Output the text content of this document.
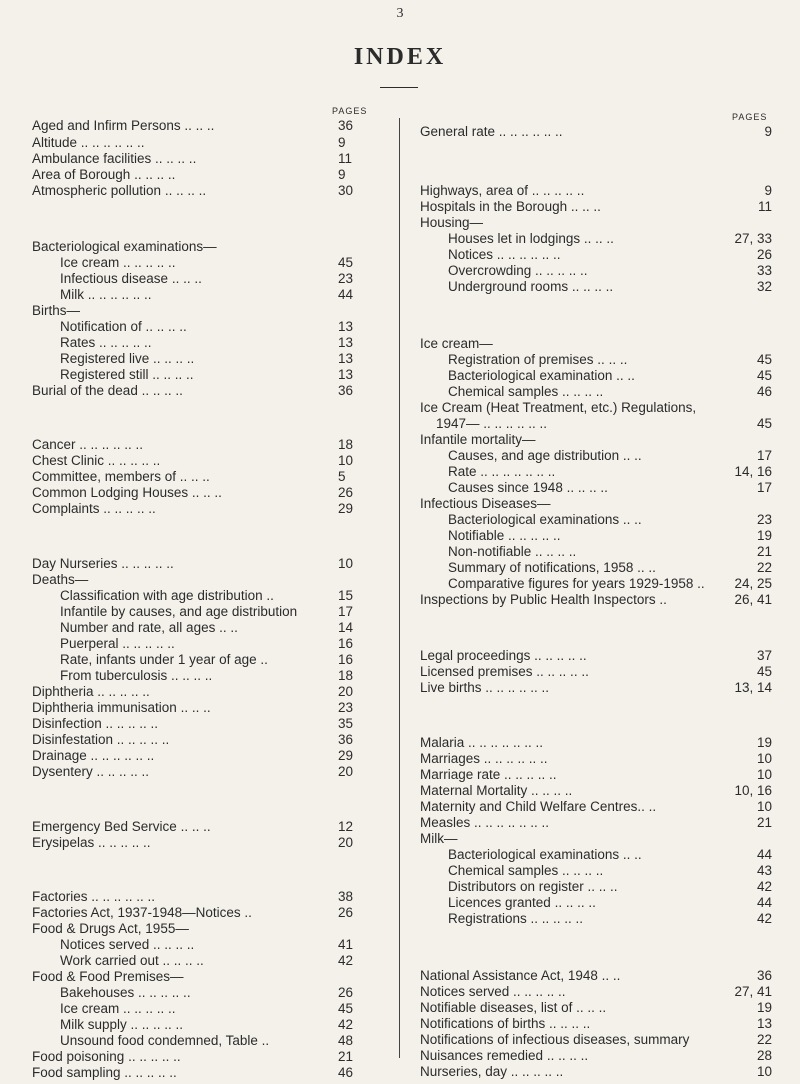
3
INDEX
PAGES
Aged and Infirm Persons .. .. ..	36
Altitude .. .. .. .. .. ..	9
Ambulance facilities .. .. .. ..	11
Area of Borough .. .. .. ..	9
Atmospheric pollution .. .. .. ..	30
Bacteriological examinations—
Ice cream .. .. .. .. ..	45
Infectious disease .. .. ..	23
Milk .. .. .. .. .. ..	44
Births—
Notification of .. .. .. ..	13
Rates .. .. .. .. ..	13
Registered live .. .. .. ..	13
Registered still .. .. .. ..	13
Burial of the dead .. .. .. ..	36
Cancer .. .. .. .. .. ..	18
Chest Clinic .. .. .. .. ..	10
Committee, members of .. .. ..	5
Common Lodging Houses .. .. ..	26
Complaints .. .. .. .. ..	29
Day Nurseries .. .. .. .. ..	10
Deaths—
Classification with age distribution ..	15
Infantile by causes, and age distribution	17
Number and rate, all ages .. ..	14
Puerperal .. .. .. .. ..	16
Rate, infants under 1 year of age ..	16
From tuberculosis .. .. .. ..	18
Diphtheria .. .. .. .. ..	20
Diphtheria immunisation .. .. ..	23
Disinfection .. .. .. .. ..	35
Disinfestation .. .. .. .. ..	36
Drainage .. .. .. .. .. ..	29
Dysentery .. .. .. .. ..	20
Emergency Bed Service .. .. ..	12
Erysipelas .. .. .. .. ..	20
Factories .. .. .. .. .. ..	38
Factories Act, 1937-1948—Notices ..	26
Food & Drugs Act, 1955—
Notices served .. .. .. ..	41
Work carried out .. .. .. ..	42
Food & Food Premises—
Bakehouses .. .. .. .. ..	26
Ice cream .. .. .. .. ..	45
Milk supply .. .. .. .. ..	42
Unsound food condemned, Table ..	48
Food poisoning .. .. .. .. ..	21
Food sampling .. .. .. .. ..	46
PAGES
General rate .. .. .. .. .. ..	9
Highways, area of .. .. .. .. ..	9
Hospitals in the Borough .. .. ..	11
Housing—
Houses let in lodgings .. .. ..	27, 33
Notices .. .. .. .. .. ..	26
Overcrowding .. .. .. .. ..	33
Underground rooms .. .. .. ..	32
Ice cream—
Registration of premises .. .. ..	45
Bacteriological examination .. ..	45
Chemical samples .. .. .. ..	46
Ice Cream (Heat Treatment, etc.) Regulations,
1947— .. .. .. .. .. ..	45
Infantile mortality—
Causes, and age distribution .. ..	17
Rate .. .. .. .. .. .. ..	14, 16
Causes since 1948 .. .. .. ..	17
Infectious Diseases—
Bacteriological examinations .. ..	23
Notifiable .. .. .. .. ..	19
Non-notifiable .. .. .. ..	21
Summary of notifications, 1958 .. ..	22
Comparative figures for years 1929-1958 .. 24, 25
Inspections by Public Health Inspectors ..	26, 41
Legal proceedings .. .. .. .. ..	37
Licensed premises .. .. .. .. ..	45
Live births .. .. .. .. .. ..	13, 14
Malaria .. .. .. .. .. .. ..	19
Marriages .. .. .. .. .. ..	10
Marriage rate .. .. .. .. ..	10
Maternal Mortality .. .. .. ..	10, 16
Maternity and Child Welfare Centres.. ..	10
Measles .. .. .. .. .. .. ..	21
Milk—
Bacteriological examinations .. ..	44
Chemical samples .. .. .. ..	43
Distributors on register .. .. ..	42
Licences granted .. .. .. ..	44
Registrations .. .. .. .. ..	42
National Assistance Act, 1948 .. ..	36
Notices served .. .. .. .. ..	27, 41
Notifiable diseases, list of .. .. ..	19
Notifications of births .. .. .. ..	13
Notifications of infectious diseases, summary	22
Nuisances remedied .. .. .. ..	28
Nurseries, day .. .. .. .. ..	10
